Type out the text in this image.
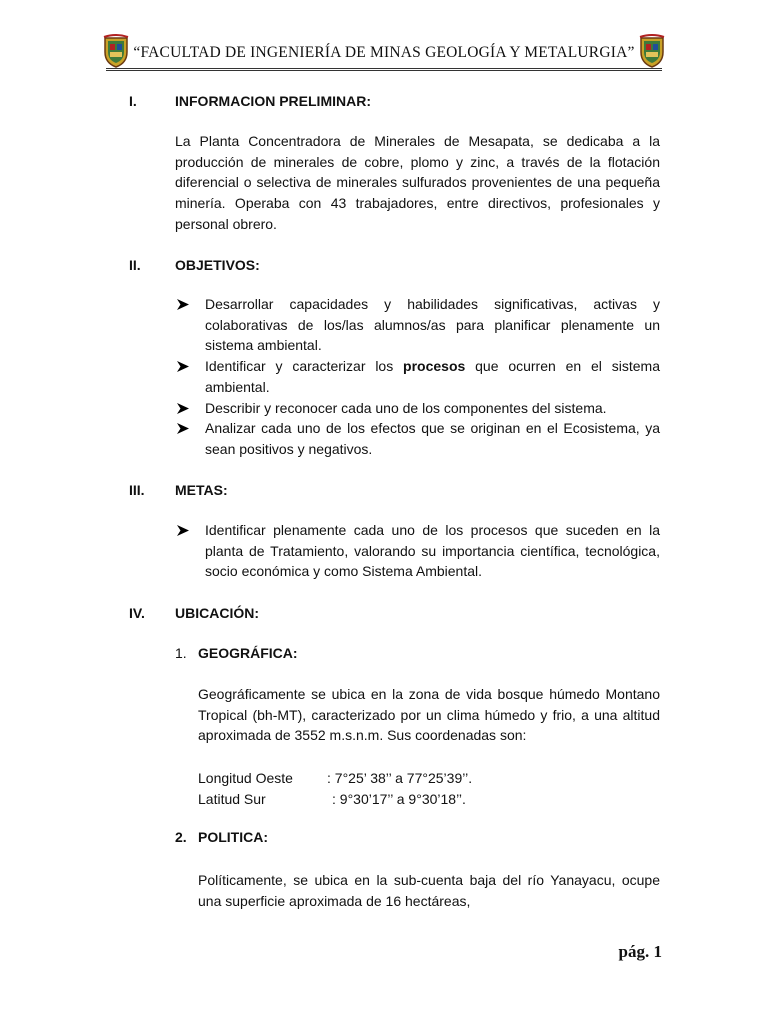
“FACULTAD DE INGENIERÍA DE MINAS GEOLOGÍA Y METALURGIA”
I.	INFORMACION PRELIMINAR:

La Planta Concentradora de Minerales de Mesapata, se dedicaba a la producción de minerales de cobre, plomo y zinc, a través de la flotación diferencial o selectiva de minerales sulfurados provenientes de una pequeña minería. Operaba con 43 trabajadores, entre directivos, profesionales y personal obrero.

II.	OBJETIVOS:
Desarrollar capacidades y habilidades significativas, activas y colaborativas de los/las alumnos/as para planificar plenamente un sistema ambiental.
Identificar y caracterizar los procesos que ocurren en el sistema ambiental.
Describir y reconocer cada uno de los componentes del sistema.
Analizar cada uno de los efectos que se originan en el Ecosistema, ya sean positivos y negativos.
III.	METAS:
Identificar plenamente cada uno de los procesos que suceden en la planta de Tratamiento, valorando su importancia científica, tecnológica, socio económica y como Sistema Ambiental.
IV.	UBICACIÓN:
1. GEOGRÁFICA:

Geográficamente se ubica en la zona de vida bosque húmedo Montano Tropical (bh-MT), caracterizado por un clima húmedo y frio, a una altitud aproximada de 3552 m.s.n.m. Sus coordenadas son:

Longitud Oeste : 7°25’ 38’’ a 77°25’39’’.
Latitud Sur	: 9°30’17’’ a 9°30’18’’.
2. POLITICA:

Políticamente, se ubica en la sub-cuenta baja del río Yanayacu, ocupe una superficie aproximada de 16 hectáreas,

pág. 1
